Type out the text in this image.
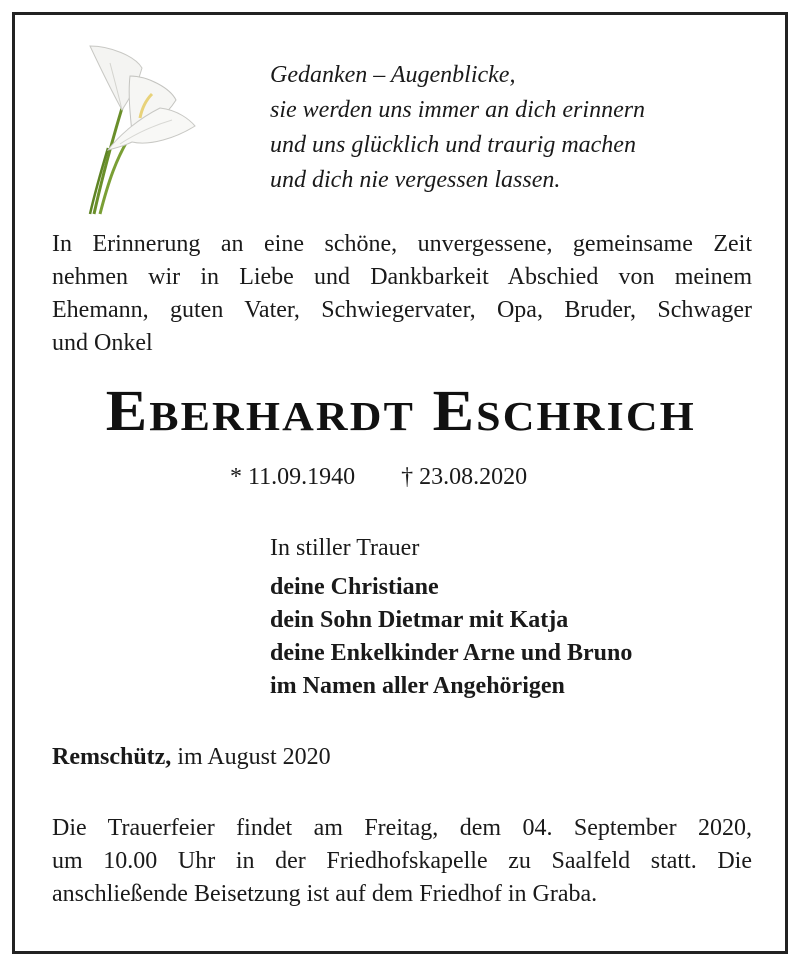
Gedanken – Augenblicke,
sie werden uns immer an dich erinnern
und uns glücklich und traurig machen
und dich nie vergessen lassen.
In Erinnerung an eine schöne, unvergessene, gemeinsame Zeit
nehmen wir in Liebe und Dankbarkeit Abschied von meinem
Ehemann, guten Vater, Schwiegervater, Opa, Bruder, Schwager
und Onkel
Eberhardt Eschrich
* 11.09.1940 † 23.08.2020
In stiller Trauer
deine Christiane
dein Sohn Dietmar mit Katja
deine Enkelkinder Arne und Bruno
im Namen aller Angehörigen
Remschütz, im August 2020
Die Trauerfeier findet am Freitag, dem 04. September 2020,
um 10.00 Uhr in der Friedhofskapelle zu Saalfeld statt. Die
anschließende Beisetzung ist auf dem Friedhof in Graba.
